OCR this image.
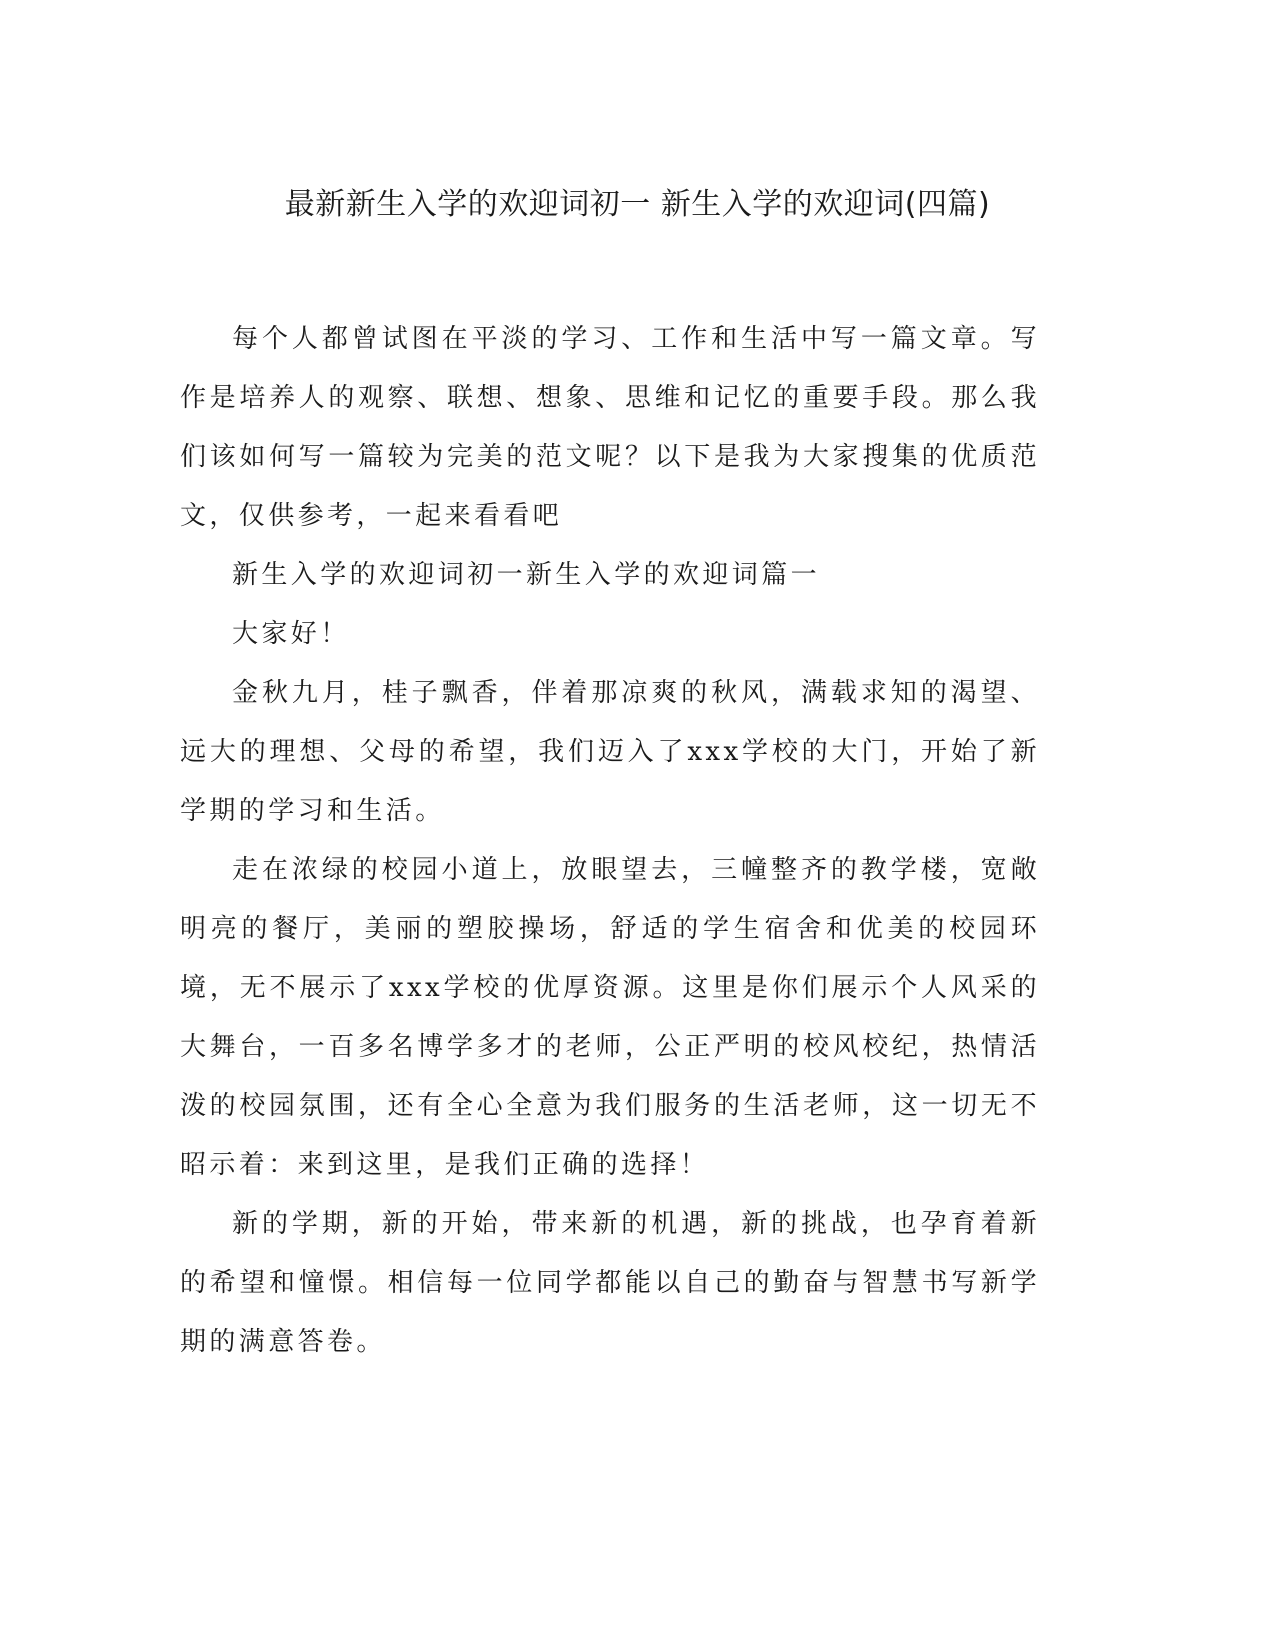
最新新生入学的欢迎词初一 新生入学的欢迎词(四篇)

每个人都曾试图在平淡的学习、工作和生活中写一篇文章。写作是培养人的观察、联想、想象、思维和记忆的重要手段。那么我们该如何写一篇较为完美的范文呢？以下是我为大家搜集的优质范文，仅供参考，一起来看看吧

新生入学的欢迎词初一新生入学的欢迎词篇一

大家好！

金秋九月，桂子飘香，伴着那凉爽的秋风，满载求知的渴望、远大的理想、父母的希望，我们迈入了xxx学校的大门，开始了新学期的学习和生活。

走在浓绿的校园小道上，放眼望去，三幢整齐的教学楼，宽敞明亮的餐厅，美丽的塑胶操场，舒适的学生宿舍和优美的校园环境，无不展示了xxx学校的优厚资源。这里是你们展示个人风采的大舞台，一百多名博学多才的老师，公正严明的校风校纪，热情活泼的校园氛围，还有全心全意为我们服务的生活老师，这一切无不昭示着：来到这里，是我们正确的选择！

新的学期，新的开始，带来新的机遇，新的挑战，也孕育着新的希望和憧憬。相信每一位同学都能以自己的勤奋与智慧书写新学期的满意答卷。
